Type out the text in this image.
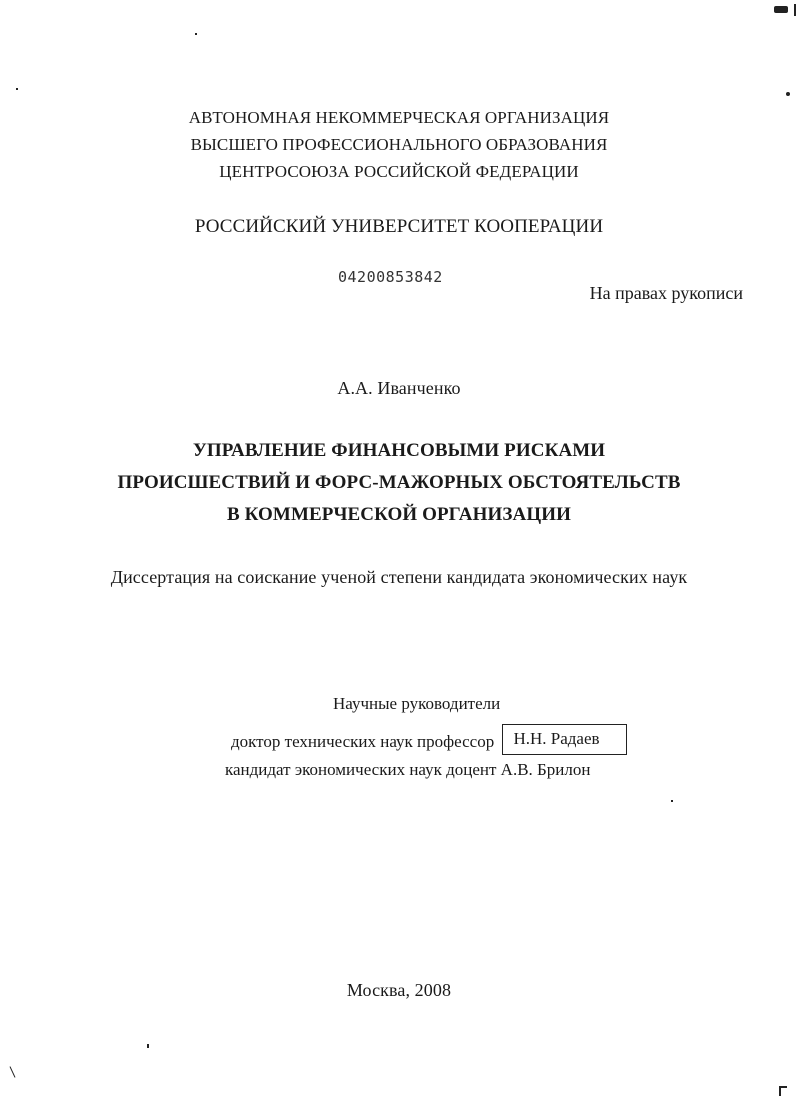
АВТОНОМНАЯ НЕКОММЕРЧЕСКАЯ ОРГАНИЗАЦИЯ
ВЫСШЕГО ПРОФЕССИОНАЛЬНОГО ОБРАЗОВАНИЯ
ЦЕНТРОСОЮЗА РОССИЙСКОЙ ФЕДЕРАЦИИ
РОССИЙСКИЙ УНИВЕРСИТЕТ КООПЕРАЦИИ
04200853842
На правах рукописи
А.А. Иванченко
УПРАВЛЕНИЕ ФИНАНСОВЫМИ РИСКАМИ
ПРОИСШЕСТВИЙ И ФОРС-МАЖОРНЫХ ОБСТОЯТЕЛЬСТВ
В КОММЕРЧЕСКОЙ ОРГАНИЗАЦИИ
Диссертация на соискание ученой степени кандидата экономических наук
Научные руководители
доктор технических наук профессор Н.Н. Радаев
кандидат экономических наук доцент А.В. Брилон
Москва, 2008
